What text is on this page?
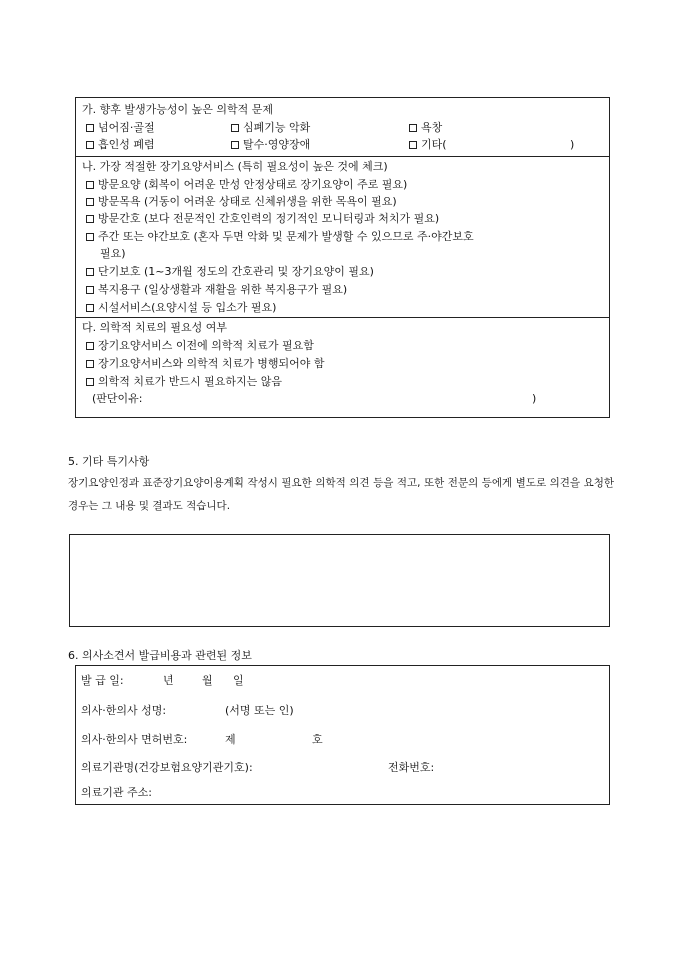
가. 향후 발생가능성이 높은 의학적 문제
넘어짐·골절	심폐기능 악화	욕창
흡인성 폐렴	탈수·영양장애	기타(	)
나. 가장 적절한 장기요양서비스 (특히 필요성이 높은 것에 체크)
방문요양 (회복이 어려운 만성 안정상태로 장기요양이 주로 필요)
방문목욕 (거동이 어려운 상태로 신체위생을 위한 목욕이 필요)
방문간호 (보다 전문적인 간호인력의 정기적인 모니터링과 처치가 필요)
주간 또는 야간보호 (혼자 두면 악화 및 문제가 발생할 수 있으므로 주·야간보호
필요)
단기보호 (1~3개월 정도의 간호관리 및 장기요양이 필요)
복지용구 (일상생활과 재활을 위한 복지용구가 필요)
시설서비스(요양시설 등 입소가 필요)
다. 의학적 치료의 필요성 여부
장기요양서비스 이전에 의학적 치료가 필요함
장기요양서비스와 의학적 치료가 병행되어야 함
의학적 치료가 반드시 필요하지는 않음
(판단이유:	)
5. 기타 특기사항
장기요양인정과 표준장기요양이용계획 작성시 필요한 의학적 의견 등을 적고, 또한 전문의 등에게 별도로 의견을 요청한 경우는 그 내용 및 결과도 적습니다.
6. 의사소견서 발급비용과 관련된 정보
발 급 일:	년	월 일
의사·한의사 성명:	(서명 또는 인)
의사·한의사 면허번호:	제	호
의료기관명(건강보험요양기관기호):	전화번호:
의료기관 주소:
